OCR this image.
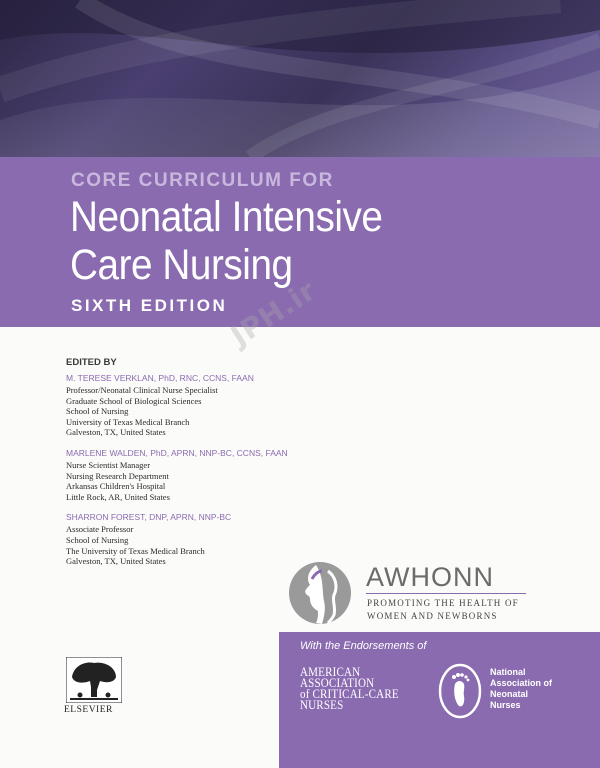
CORE CURRICULUM FOR
Neonatal Intensive
Care Nursing
SIXTH EDITION
EDITED BY
M. TERESE VERKLAN, PhD, RNC, CCNS, FAAN
Professor/Neonatal Clinical Nurse Specialist
Graduate School of Biological Sciences
School of Nursing
University of Texas Medical Branch
Galveston, TX, United States
MARLENE WALDEN, PhD, APRN, NNP-BC, CCNS, FAAN
Nurse Scientist Manager
Nursing Research Department
Arkansas Children's Hospital
Little Rock, AR, United States
SHARRON FOREST, DNP, APRN, NNP-BC
Associate Professor
School of Nursing
The University of Texas Medical Branch
Galveston, TX, United States
JPH.ir
AWHONN
PROMOTING THE HEALTH OF
WOMEN AND NEWBORNS
With the Endorsements of
AMERICAN
ASSOCIATION
of CRITICAL-CARE
NURSES
National
Association of
Neonatal
Nurses
ELSEVIER
